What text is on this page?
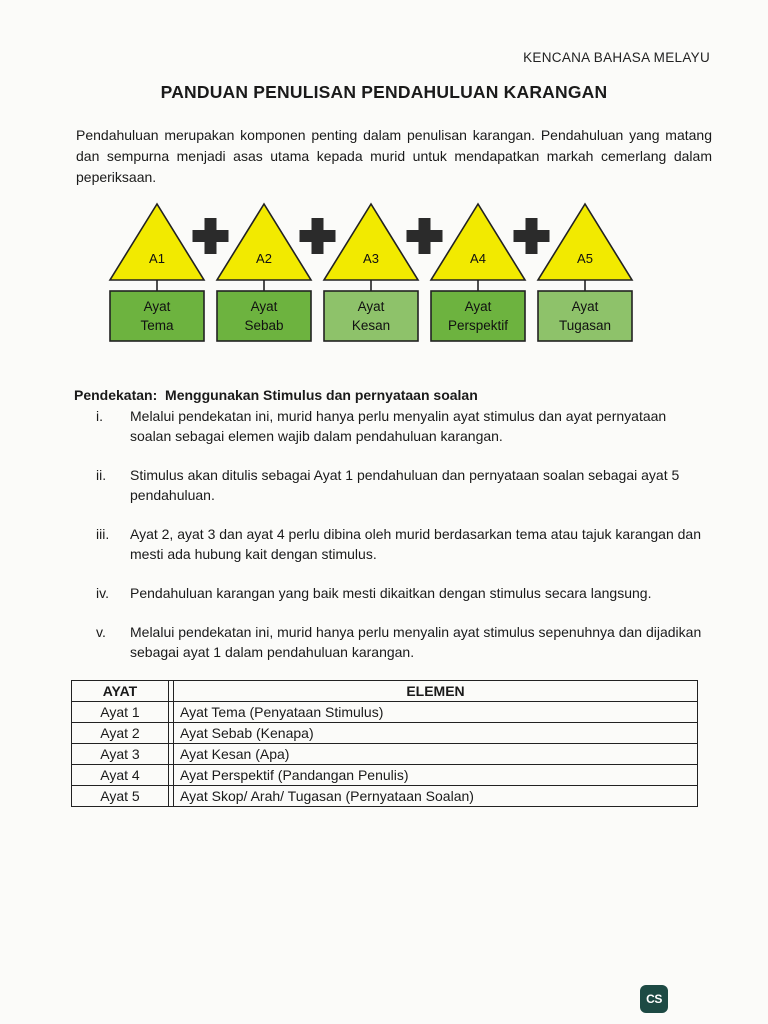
KENCANA BAHASA MELAYU
PANDUAN PENULISAN PENDAHULUAN KARANGAN
Pendahuluan merupakan komponen penting dalam penulisan karangan. Pendahuluan yang matang dan sempurna menjadi asas utama kepada murid untuk mendapatkan markah cemerlang dalam peperiksaan.
A1
Ayat
Tema
A2
Ayat
Sebab
A3
Ayat
Kesan
A4
Ayat
Perspektif
A5
Ayat
Tugasan
Pendekatan: Menggunakan Stimulus dan pernyataan soalan
i.	Melalui pendekatan ini, murid hanya perlu menyalin ayat stimulus dan ayat pernyataan soalan sebagai elemen wajib dalam pendahuluan karangan.
ii.	Stimulus akan ditulis sebagai Ayat 1 pendahuluan dan pernyataan soalan sebagai ayat 5 pendahuluan.
iii.	Ayat 2, ayat 3 dan ayat 4 perlu dibina oleh murid berdasarkan tema atau tajuk karangan dan mesti ada hubung kait dengan stimulus.
iv.	Pendahuluan karangan yang baik mesti dikaitkan dengan stimulus secara langsung.
v.	Melalui pendekatan ini, murid hanya perlu menyalin ayat stimulus sepenuhnya dan dijadikan sebagai ayat 1 dalam pendahuluan karangan.
AYAT		ELEMEN
Ayat 1		Ayat Tema (Penyataan Stimulus)
Ayat 2		Ayat Sebab (Kenapa)
Ayat 3		Ayat Kesan (Apa)
Ayat 4		Ayat Perspektif (Pandangan Penulis)
Ayat 5		Ayat Skop/ Arah/ Tugasan (Pernyataan Soalan)
CS
